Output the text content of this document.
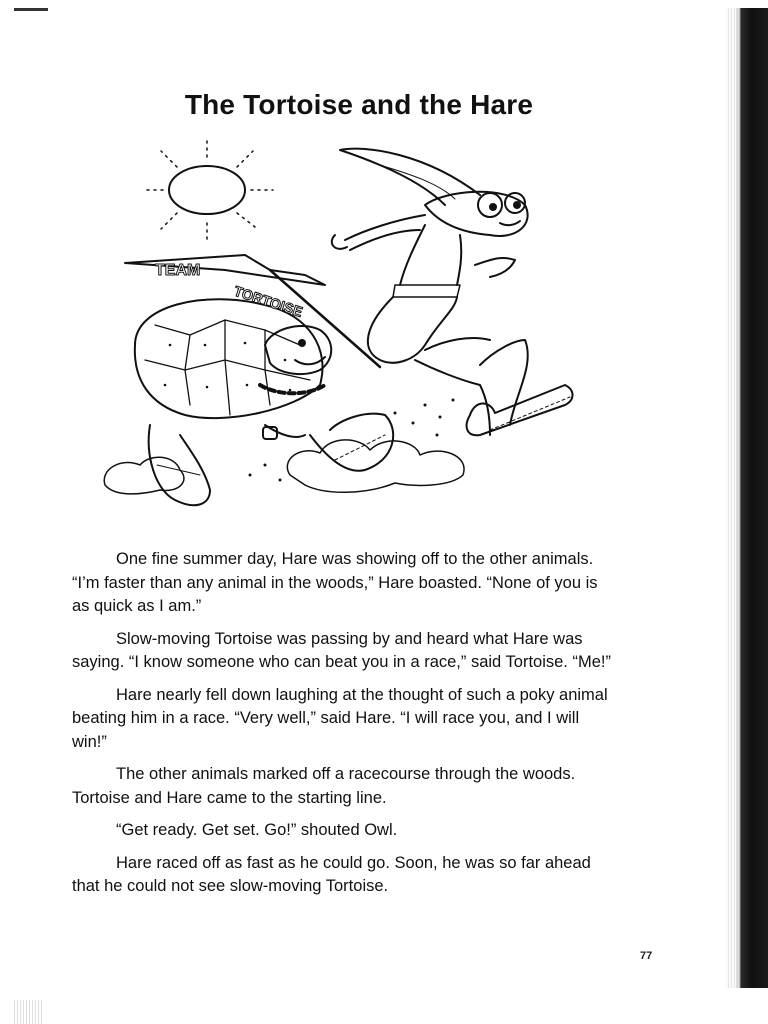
The Tortoise and the Hare
TEAM
TORTOISE

One fine summer day, Hare was showing off to the other animals. “I’m faster than any animal in the woods,” Hare boasted. “None of you is as quick as I am.”

Slow-moving Tortoise was passing by and heard what Hare was saying. “I know someone who can beat you in a race,” said Tortoise. “Me!”

Hare nearly fell down laughing at the thought of such a poky animal beating him in a race. “Very well,” said Hare. “I will race you, and I will win!”

The other animals marked off a racecourse through the woods. Tortoise and Hare came to the starting line.

“Get ready. Get set. Go!” shouted Owl.

Hare raced off as fast as he could go. Soon, he was so far ahead that he could not see slow-moving Tortoise.

77
